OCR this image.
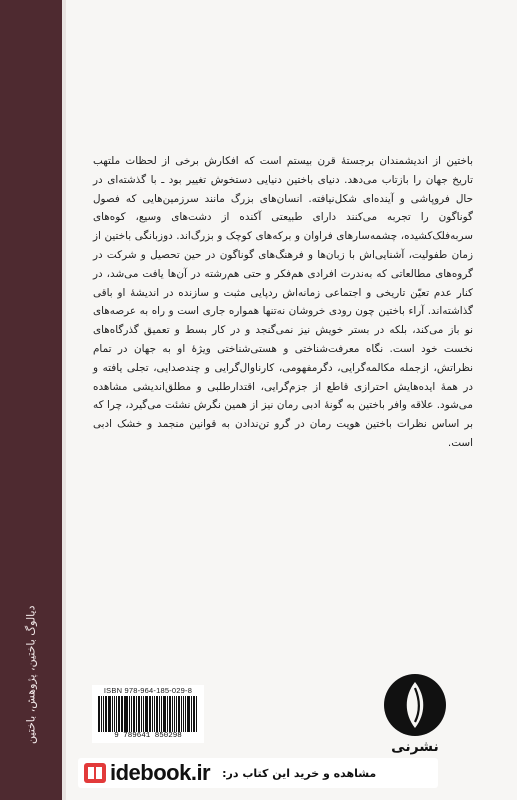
دیالوگ باختین، پژوهش، باختین

باختین از اندیشمندان برجستهٔ قرن بیستم است که افکارش برخی از لحظات ملتهب تاریخ جهان را بازتاب می‌دهد. دنیای باختین دنیایی دستخوش تغییر بود ـ با گذشته‌ای در حال فروپاشی و آینده‌ای شکل‌نیافته. انسان‌های بزرگ مانند سرزمین‌هایی که فصول گوناگون را تجربه می‌کنند دارای طبیعتی آکنده از دشت‌های وسیع، کوه‌های سربه‌فلک‌کشیده، چشمه‌سارهای فراوان و برکه‌های کوچک و بزرگ‌اند. دوزبانگی باختین از زمان طفولیت، آشنایی‌اش با زبان‌ها و فرهنگ‌های گوناگون در حین تحصیل و شرکت در گروه‌های مطالعاتی که به‌ندرت افرادی هم‌فکر و حتی هم‌رشته در آن‌ها یافت می‌شد، در کنار عدم تعیّن تاریخی و اجتماعی زمانه‌اش ردپایی مثبت و سازنده در اندیشهٔ او باقی گذاشته‌اند. آراء باختین چون رودی خروشان نه‌تنها همواره جاری است و راه به عرصه‌های نو باز می‌کند، بلکه در بستر خویش نیز نمی‌گنجد و در کار بسط و تعمیق گذرگاه‌های نخست خود است. نگاه معرفت‌شناختی و هستی‌شناختی ویژهٔ او به جهان در تمام نظراتش، ازجمله مکالمه‌گرایی، دگرمفهومی، کارناوال‌گرایی و چندصدایی، تجلی یافته و در همهٔ ایده‌هایش احترازی قاطع از جزم‌گرایی، اقتدارطلبی و مطلق‌اندیشی مشاهده می‌شود. علاقه وافر باختین به گونهٔ ادبی رمان نیز از همین نگرش نشئت می‌گیرد، چرا که بر اساس نظرات باختین هویت رمان در گرو تن‌ندادن به قوانین منجمد و خشک ادبی است.

ISBN 978-964-185-029-8
9 789641 850298
نشرنی
idebook.ir مشاهده و خرید این کتاب در:
